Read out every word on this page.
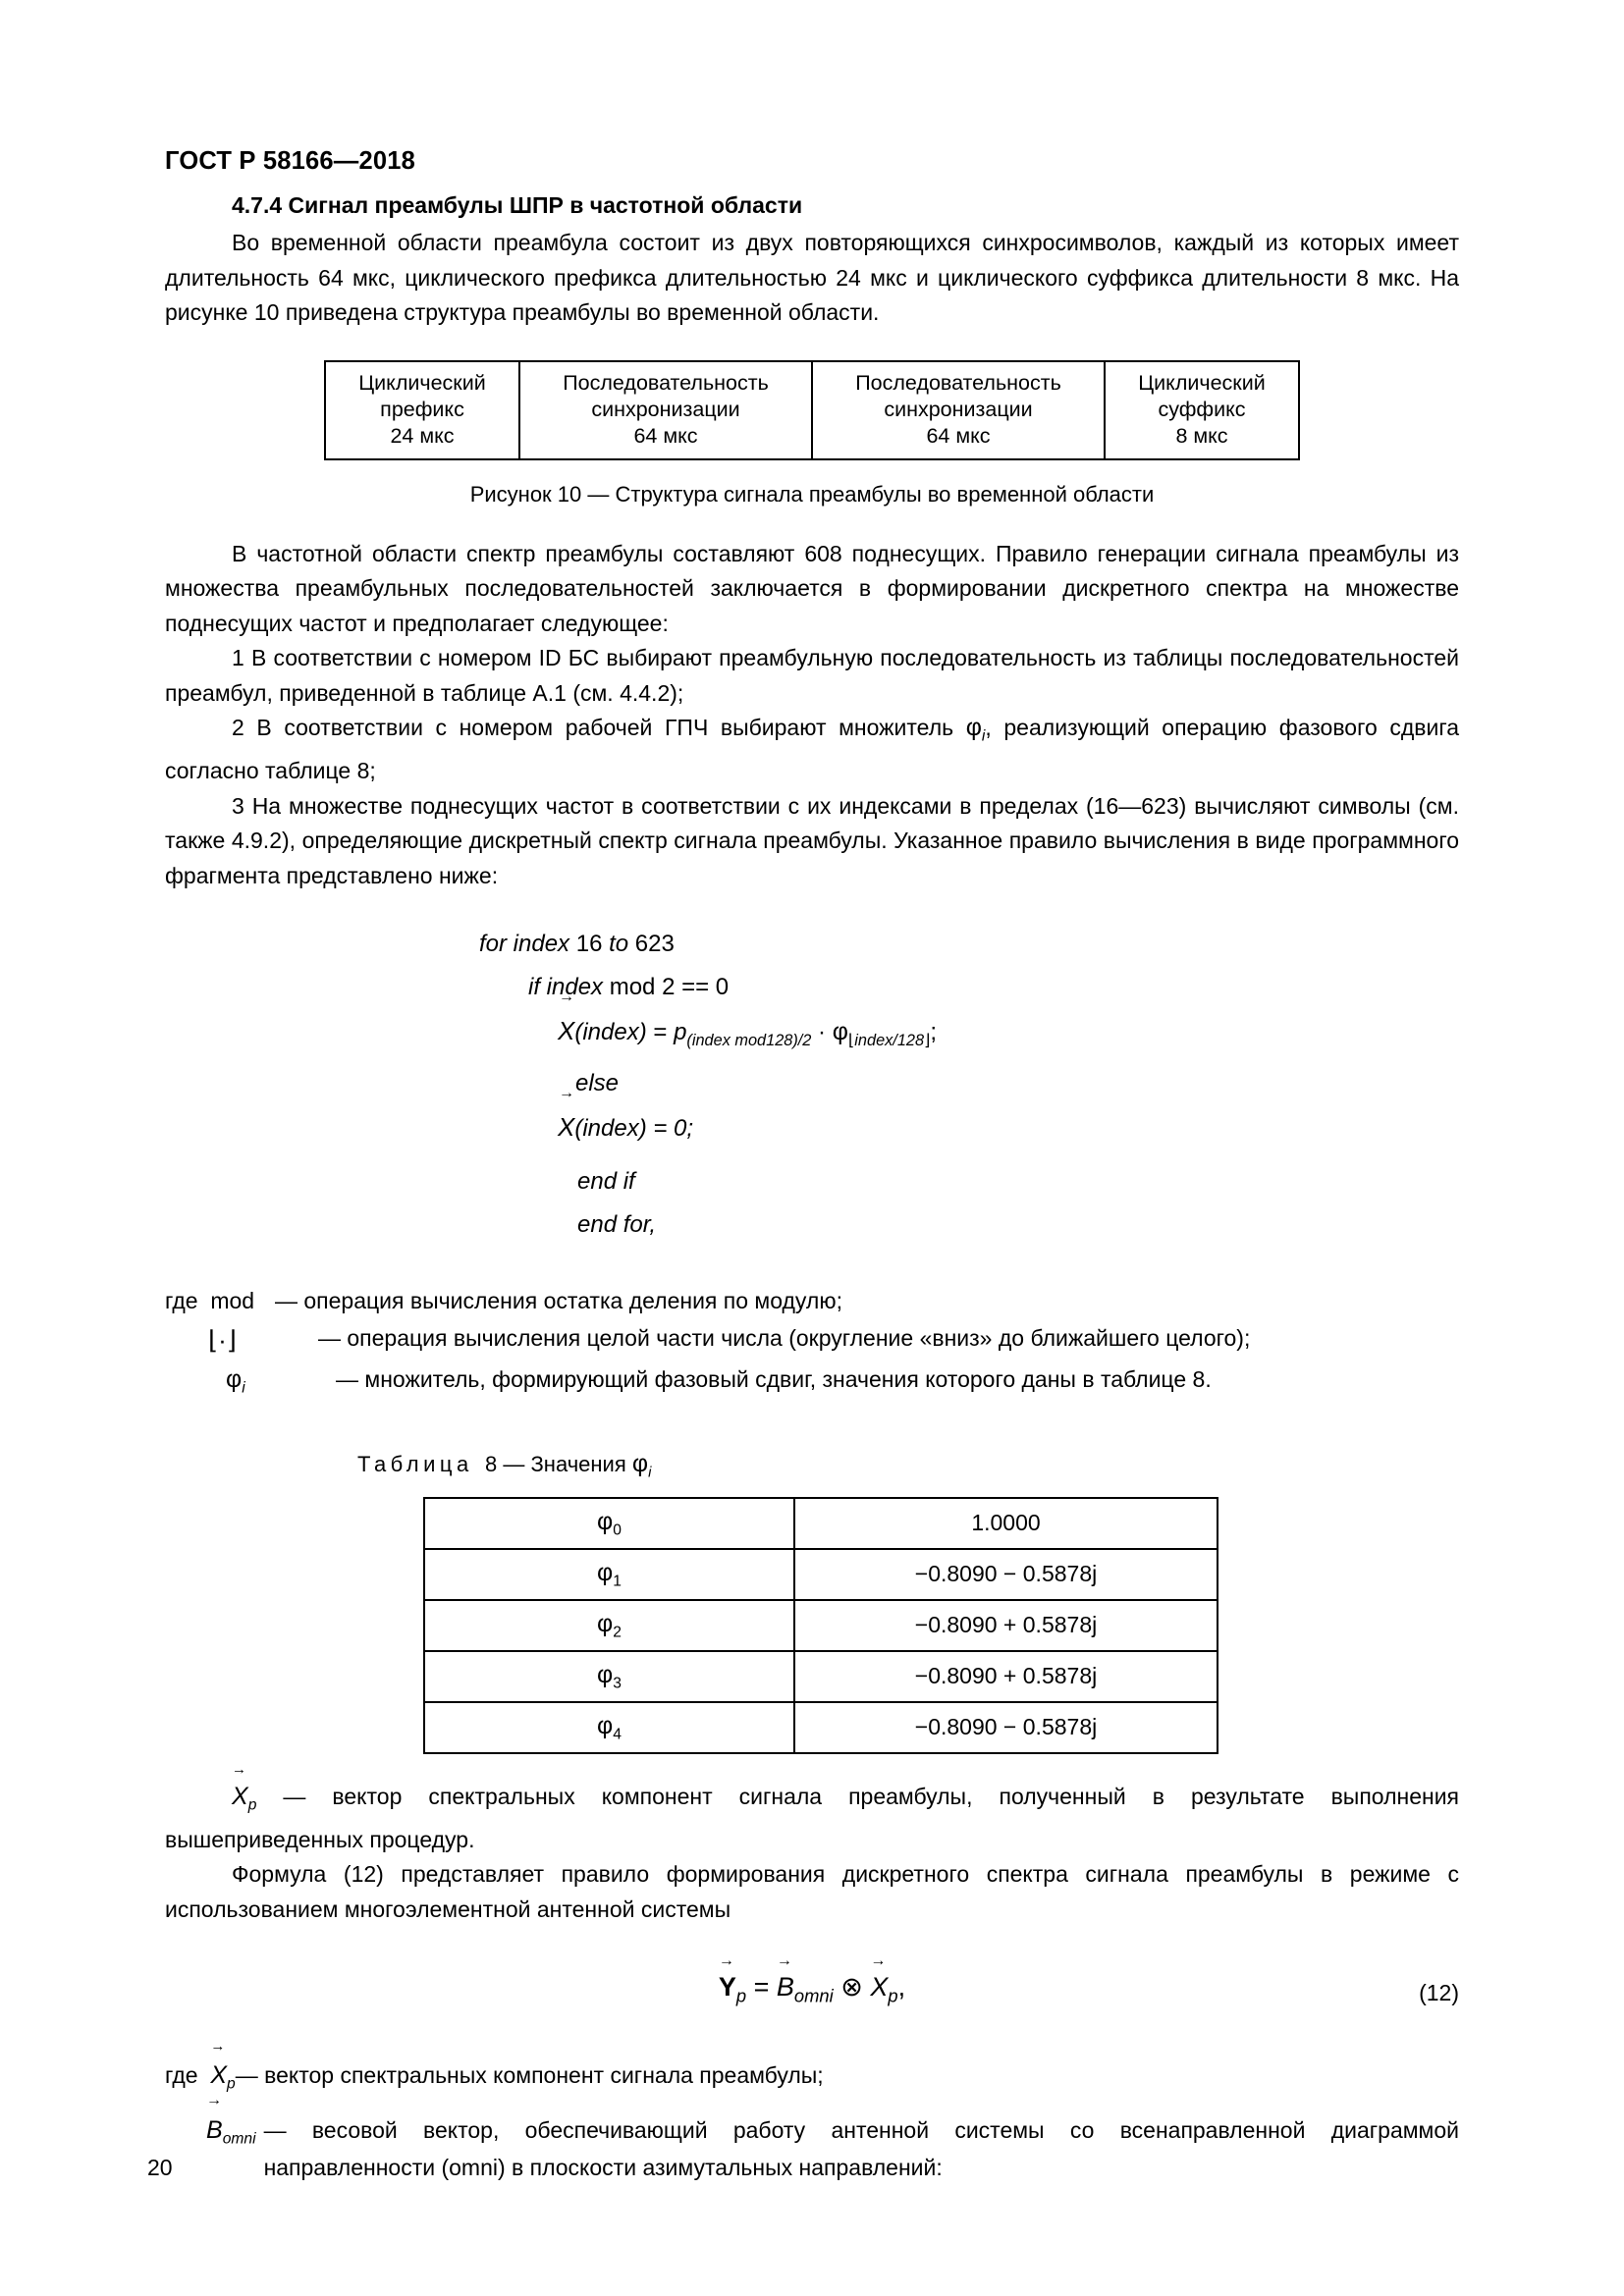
ГОСТ Р 58166—2018
4.7.4 Сигнал преамбулы ШПР в частотной области

Во временной области преамбула состоит из двух повторяющихся синхросимволов, каждый из которых имеет длительность 64 мкс, циклического префикса длительностью 24 мкс и циклического суффикса длительности 8 мкс. На рисунке 10 приведена структура преамбулы во временной области.

Циклический
префикс
24 мкс	Последовательность
синхронизации
64 мкс	Последовательность
синхронизации
64 мкс	Циклический
суффикс
8 мкс
Рисунок 10 — Структура сигнала преамбулы во временной области

В частотной области спектр преамбулы составляют 608 поднесущих. Правило генерации сигнала преамбулы из множества преамбульных последовательностей заключается в формировании дискретного спектра на множестве поднесущих частот и предполагает следующее:

1 В соответствии с номером ID БС выбирают преамбульную последовательность из таблицы последовательностей преамбул, приведенной в таблице А.1 (см. 4.4.2);

2 В соответствии с номером рабочей ГПЧ выбирают множитель $\varphi_i$, реализующий операцию фазового сдвига согласно таблице 8;

3 На множестве поднесущих частот в соответствии с их индексами в пределах (16—623) вычисляют символы (см. также 4.9.2), определяющие дискретный спектр сигнала преамбулы. Указанное правило вычисления в виде программного фрагмента представлено ниже:

for index 16 to 623
if index mod 2 == 0
X →(index) = $p_{(index mod128)/2} \cdot \varphi_{⌊index/128⌋}$;
else
X →(index) = 0;
end if
end for,
где mod — операция вычисления остатка деления по модулю;
⌊·⌋	— операция вычисления целой части числа (округление «вниз» до ближайшего целого);
$\varphi_i$	— множитель, формирующий фазовый сдвиг, значения которого даны в таблице 8.
Таблица 8 — Значения $\varphi_i$
$\varphi_0$	1.0000
$\varphi_1$	−0.8090 − 0.5878j
$\varphi_2$	−0.8090 + 0.5878j
$\varphi_3$	−0.8090 + 0.5878j
$\varphi_4$	−0.8090 − 0.5878j

$X \to_p$ — вектор спектральных компонент сигнала преамбулы, полученный в результате выполнения вышеприведенных процедур.

Формула (12) представляет правило формирования дискретного спектра сигнала преамбулы в режиме с использованием многоэлементной антенной системы

$Y \to_p = B \to_{omni}$ ⊗ $X \to_p$,	(12)
где $X \to_p$ — вектор спектральных компонент сигнала преамбулы;
$B \to_{omni}$ — весовой вектор, обеспечивающий работу антенной системы со всенаправленной диаграммой направленности (omni) в плоскости азимутальных направлений:
20
